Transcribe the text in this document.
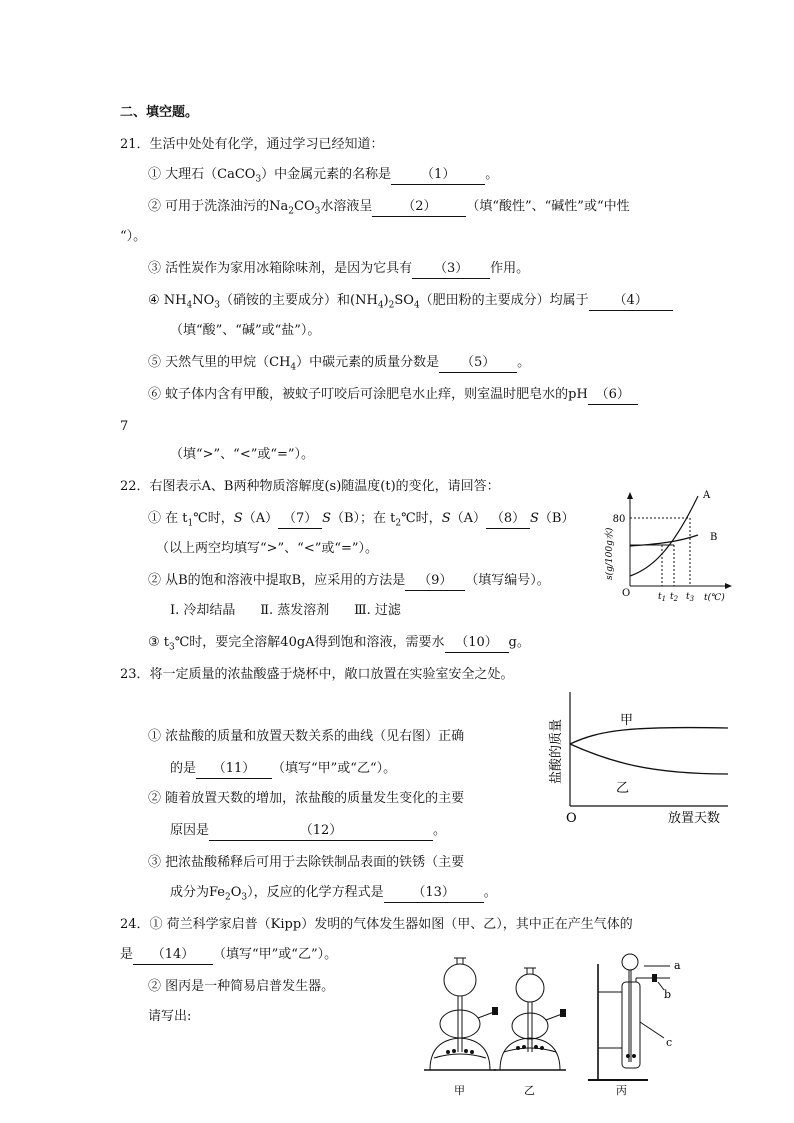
二、填空题。
21．生活中处处有化学，通过学习已经知道：
① 大理石（CaCO$_3$）中金属元素的名称是 （1） 。
② 可用于洗涤油污的$Na_2CO_3$水溶液呈 （2） （填“酸性”、“碱性”或“中性
“）。
③ 活性炭作为家用冰箱除味剂，是因为它具有 （3） 作用。
④ $NH_4NO_3$（硝铵的主要成分）和$(NH_4)_2SO_4$（肥田粉的主要成分）均属于 （4）
（填“酸”、“碱”或“盐”）。
⑤ 天然气里的甲烷$(CH_4)$中碳元素的质量分数是 （5） 。
⑥ 蚊子体内含有甲酸，被蚊子叮咬后可涂肥皂水止痒，则室温时肥皂水的pH （6）
7
（填“>”、“<”或“=”）。
22．右图表示A、B两种物质溶解度(s)随温度(t)的变化，请回答：
① 在 $t_1℃$时，S（A） （7） S（B）；在 $t_2℃$时，S（A） （8） S（B）
（以上两空均填写“>”、“<”或“=”）。
② 从B的饱和溶液中提取B，应采用的方法是 （9） （填写编号）。
Ⅰ. 冷却结晶      Ⅱ. 蒸发溶剂      Ⅲ. 过滤
③ $t_3℃$时，要完全溶解40gA得到饱和溶液，需要水 （10） g。
80
A
B
O	$t_1$ $t_2$ $t_3$ t(℃)
s(g/100g水)
23．将一定质量的浓盐酸盛于烧杯中，敞口放置在实验室安全之处。
① 浓盐酸的质量和放置天数关系的曲线（见右图）正确
的是 （11） （填写“甲”或“乙“）。
② 随着放置天数的增加，浓盐酸的质量发生变化的主要
原因是	（12）	。
③ 把浓盐酸稀释后可用于去除铁制品表面的铁锈（主要
成分为$Fe_2O_3$），反应的化学方程式是 （13） 。
甲
乙
O	放置天数
盐酸的质量
24．① 荷兰科学家启普（Kipp）发明的气体发生器如图（甲、乙），其中正在产生气体的
是 （14） （填写“甲”或“乙”）。
② 图丙是一种简易启普发生器。
请写出:
a
b
c
甲	乙	丙
